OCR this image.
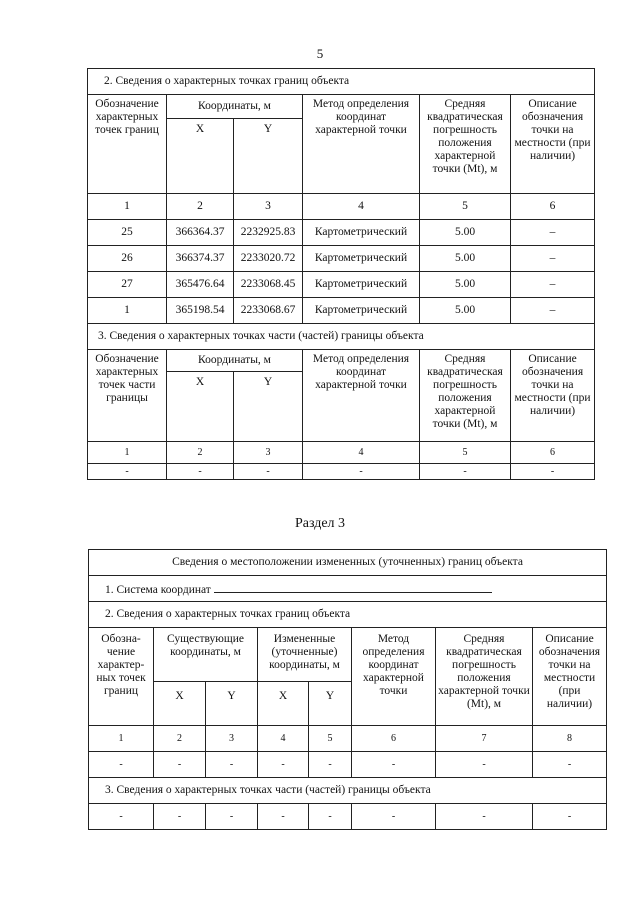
5
2. Сведения о характерных точках границ объекта					
Обозначение характерных точек границ	Координаты, м		Метод определения координат характерной точки	Средняя квадратическая погрешность положения характерной точки (Mt), м	Описание обозначения точки на местности (при наличии)
	X	Y			
1	2	3	4	5	6
25	366364.37	2232925.83	Картометрический	5.00	–
26	366374.37	2233020.72	Картометрический	5.00	–
27	365476.64	2233068.45	Картометрический	5.00	–
1	365198.54	2233068.67	Картометрический	5.00	–
3. Сведения о характерных точках части (частей) границы объекта					
Обозначение характерных точек части границы	Координаты, м		Метод определения координат характерной точки	Средняя квадратическая погрешность положения характерной точки (Mt), м	Описание обозначения точки на местности (при наличии)
	X	Y			
1	2	3	4	5	6
-	-	-	-	-	-
Раздел 3
Сведения о местоположении измененных (уточненных) границ объекта							
1. Система координат							
2. Сведения о характерных точках границ объекта							
Обозна-чение характер-ных точек границ	Существующие координаты, м		Измененные (уточненные) координаты, м		Метод определения координат характерной точки	Средняя квадратическая погрешность положения характерной точки (Mt), м	Описание обозначения точки на местности (при наличии)
	X	Y	X	Y			
1	2	3	4	5	6	7	8
-	-	-	-	-	-	-	-
3. Сведения о характерных точках части (частей) границы объекта							
-	-	-	-	-	-	-	-
